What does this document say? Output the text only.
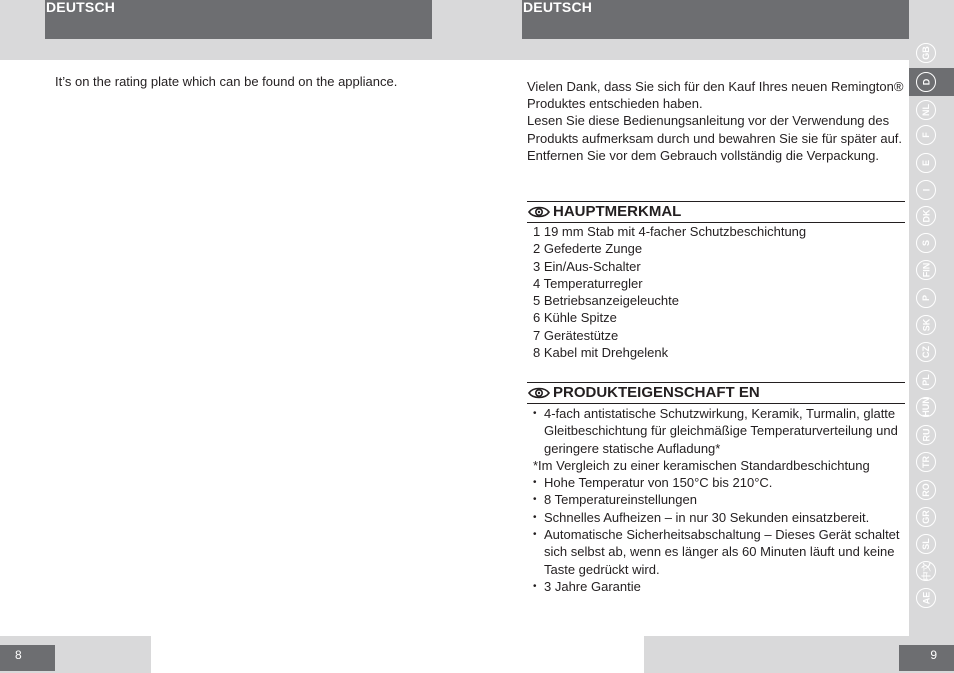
DEUTSCH	DEUTSCH
It’s on the rating plate which can be found on the appliance.	Vielen Dank, dass Sie sich für den Kauf Ihres neuen Remington® Produktes entschieden haben.

Lesen Sie diese Bedienungsanleitung vor der Verwendung des Produkts aufmerksam durch und bewahren Sie sie für später auf. Entfernen Sie vor dem Gebrauch vollständig die Verpackung.

HAUPTMERKMAL
1 19 mm Stab mit 4-facher Schutzbeschichtung
2 Gefederte Zunge
3 Ein/Aus-Schalter
4 Temperaturregler
5 Betriebsanzeigeleuchte
6 Kühle Spitze
7 Gerätestütze
8 Kabel mit Drehgelenk
PRODUKTEIGENSCHAFT EN
• 4-fach antistatische Schutzwirkung, Keramik, Turmalin, glatte Gleitbeschichtung für gleichmäßige Temperaturverteilung und geringere statische Aufladung*
*Im Vergleich zu einer keramischen Standardbeschichtung
• Hohe Temperatur von 150°C bis 210°C.
• 8 Temperatureinstellungen
• Schnelles Aufheizen – in nur 30 Sekunden einsatzbereit.
• Automatische Sicherheitsabschaltung – Dieses Gerät schaltet sich selbst ab, wenn es länger als 60 Minuten läuft und keine Taste gedrückt wird.
• 3 Jahre Garantie
GB
D
NL
F
E
I
DK
S
FIN
P
SK
CZ
PL
HUN
RU
TR
RO
GR
SL
中文
AE
8	9
